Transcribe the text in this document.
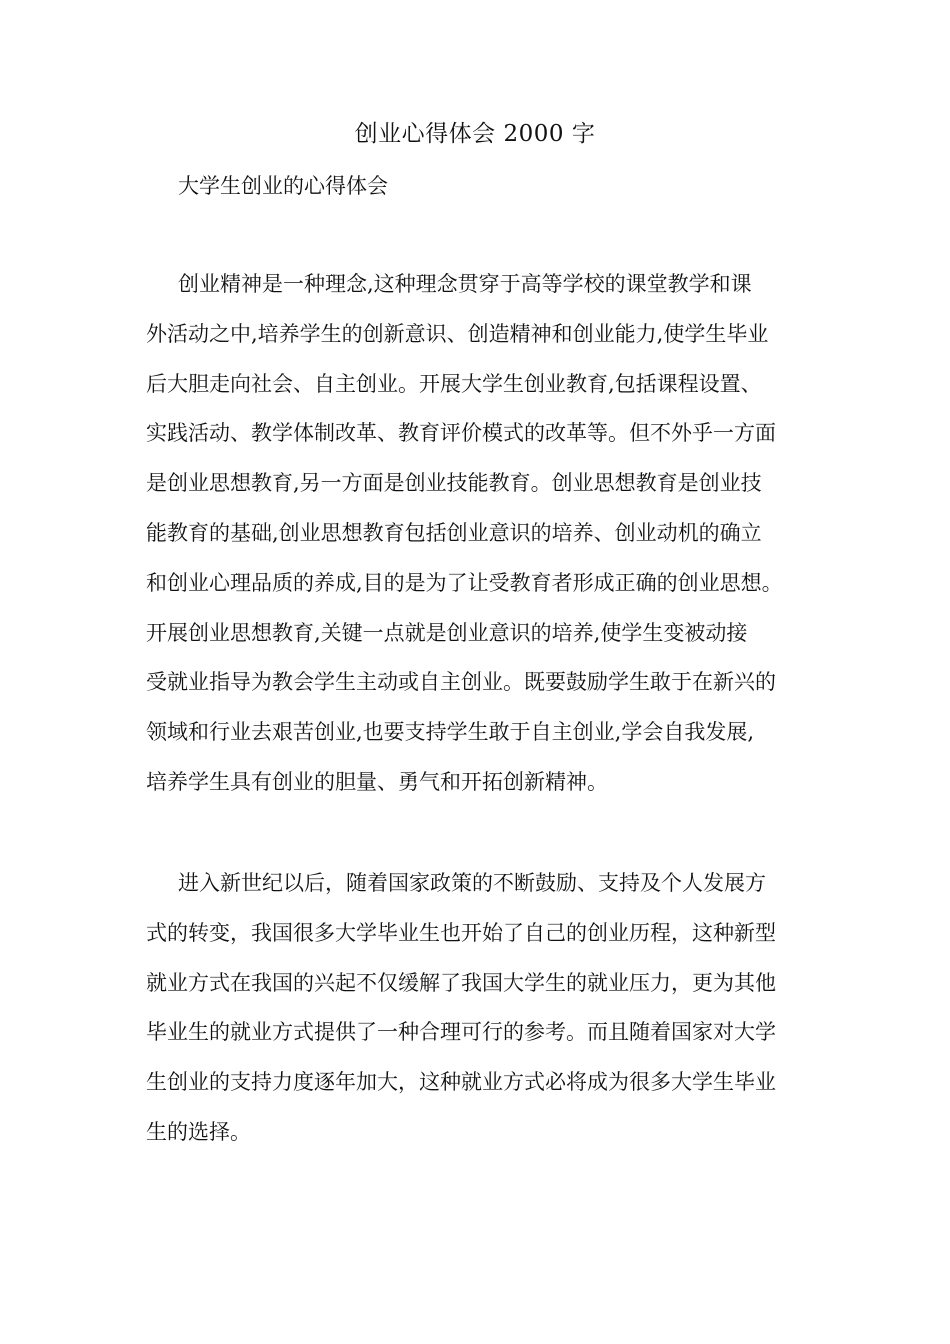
创业心得体会 2000 字
大学生创业的心得体会
创业精神是一种理念,这种理念贯穿于高等学校的课堂教学和课
外活动之中,培养学生的创新意识、创造精神和创业能力,使学生毕业
后大胆走向社会、自主创业。开展大学生创业教育,包括课程设置、
实践活动、教学体制改革、教育评价模式的改革等。但不外乎一方面
是创业思想教育,另一方面是创业技能教育。创业思想教育是创业技
能教育的基础,创业思想教育包括创业意识的培养、创业动机的确立
和创业心理品质的养成,目的是为了让受教育者形成正确的创业思想。
开展创业思想教育,关键一点就是创业意识的培养,使学生变被动接
受就业指导为教会学生主动或自主创业。既要鼓励学生敢于在新兴的
领域和行业去艰苦创业,也要支持学生敢于自主创业,学会自我发展,
培养学生具有创业的胆量、勇气和开拓创新精神。
进入新世纪以后，随着国家政策的不断鼓励、支持及个人发展方
式的转变，我国很多大学毕业生也开始了自己的创业历程，这种新型
就业方式在我国的兴起不仅缓解了我国大学生的就业压力，更为其他
毕业生的就业方式提供了一种合理可行的参考。而且随着国家对大学
生创业的支持力度逐年加大，这种就业方式必将成为很多大学生毕业
生的选择。
